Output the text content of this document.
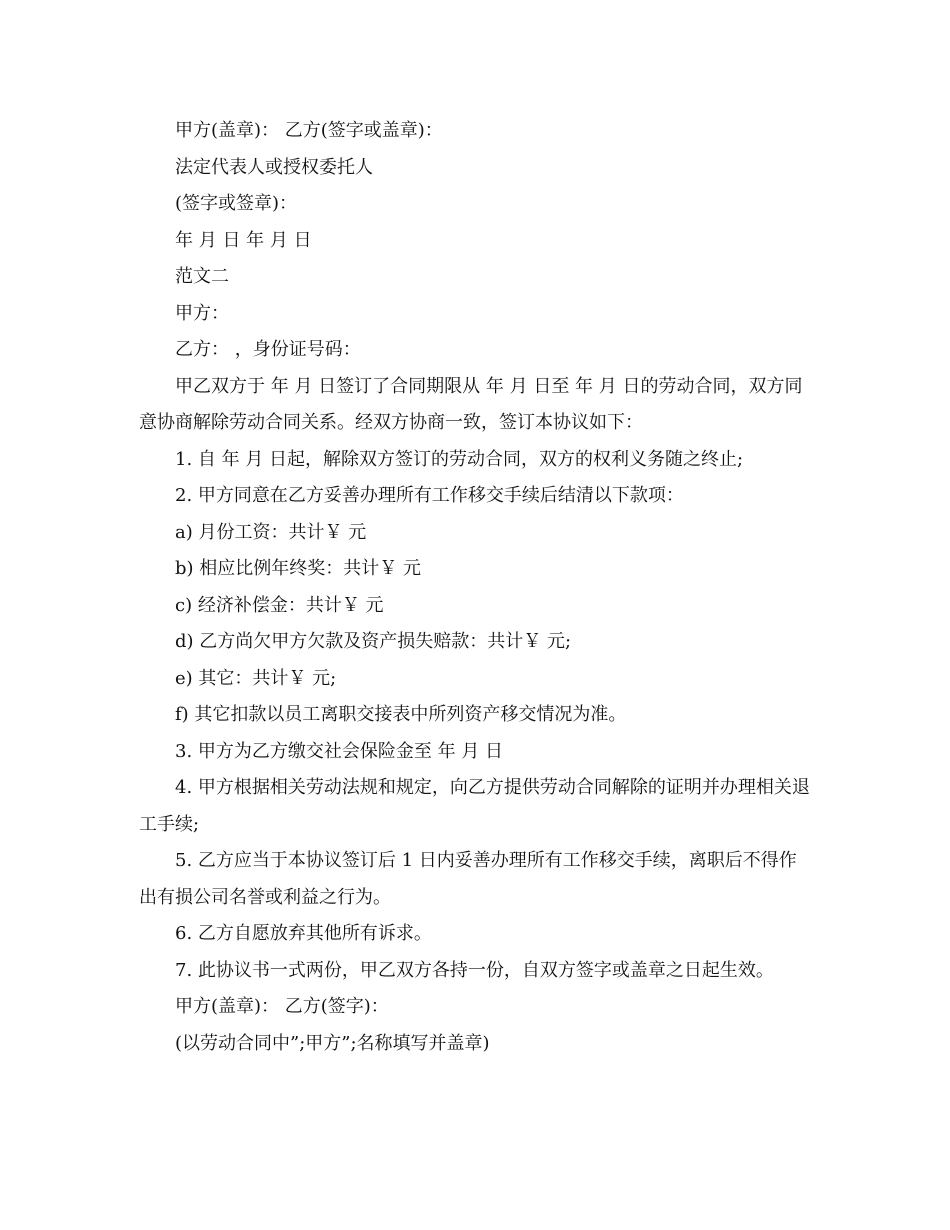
甲方(盖章)： 乙方(签字或盖章)：

法定代表人或授权委托人

(签字或签章)：

年 月 日 年 月 日

范文二

甲方：

乙方： ，身份证号码：

甲乙双方于 年 月 日签订了合同期限从 年 月 日至 年 月 日的劳动合同，双方同意协商解除劳动合同关系。经双方协商一致，签订本协议如下：

1. 自 年 月 日起，解除双方签订的劳动合同，双方的权利义务随之终止;

2. 甲方同意在乙方妥善办理所有工作移交手续后结清以下款项：

a) 月份工资：共计￥ 元

b) 相应比例年终奖：共计￥ 元

c) 经济补偿金：共计￥ 元

d) 乙方尚欠甲方欠款及资产损失赔款：共计￥ 元;

e) 其它：共计￥ 元;

f) 其它扣款以员工离职交接表中所列资产移交情况为准。

3. 甲方为乙方缴交社会保险金至 年 月 日

4. 甲方根据相关劳动法规和规定，向乙方提供劳动合同解除的证明并办理相关退工手续;

5. 乙方应当于本协议签订后 1 日内妥善办理所有工作移交手续，离职后不得作出有损公司名誉或利益之行为。

6. 乙方自愿放弃其他所有诉求。

7. 此协议书一式两份，甲乙双方各持一份，自双方签字或盖章之日起生效。

甲方(盖章)： 乙方(签字)：

(以劳动合同中”;甲方”;名称填写并盖章)
